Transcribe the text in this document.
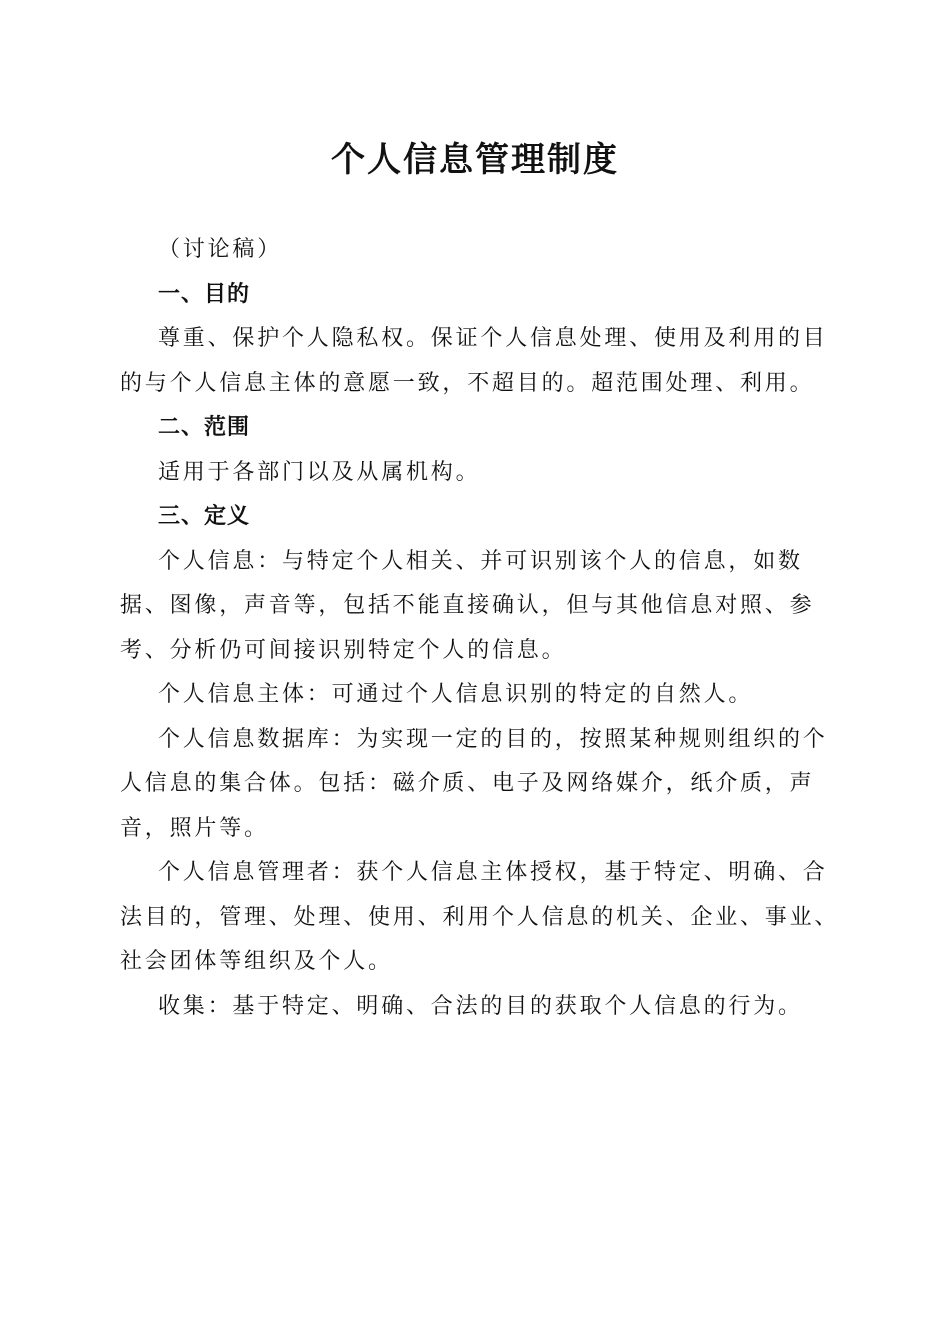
个人信息管理制度

（讨论稿）

一、目的

尊重、保护个人隐私权。保证个人信息处理、使用及利用的目的与个人信息主体的意愿一致，不超目的。超范围处理、利用。

二、范围

适用于各部门以及从属机构。

三、定义

个人信息：与特定个人相关、并可识别该个人的信息，如数据、图像，声音等，包括不能直接确认，但与其他信息对照、参考、分析仍可间接识别特定个人的信息。

个人信息主体：可通过个人信息识别的特定的自然人。

个人信息数据库：为实现一定的目的，按照某种规则组织的个人信息的集合体。包括：磁介质、电子及网络媒介，纸介质，声音，照片等。

个人信息管理者：获个人信息主体授权，基于特定、明确、合法目的，管理、处理、使用、利用个人信息的机关、企业、事业、社会团体等组织及个人。

收集：基于特定、明确、合法的目的获取个人信息的行为。
